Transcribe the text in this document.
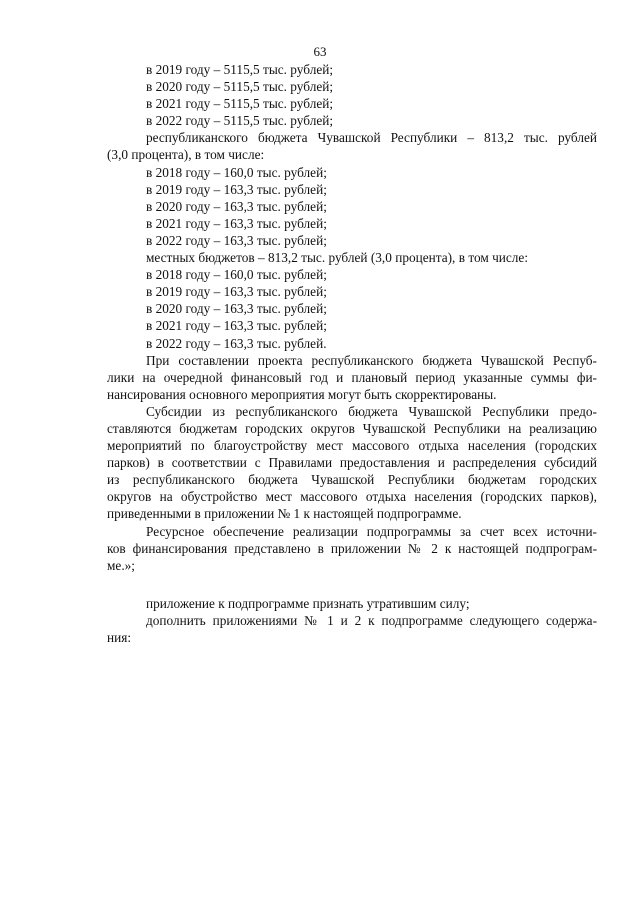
63
в 2019 году – 5115,5 тыс. рублей;
в 2020 году – 5115,5 тыс. рублей;
в 2021 году – 5115,5 тыс. рублей;
в 2022 году – 5115,5 тыс. рублей;
республиканского бюджета Чувашской Республики – 813,2 тыс. рублей
(3,0 процента), в том числе:
в 2018 году – 160,0 тыс. рублей;
в 2019 году – 163,3 тыс. рублей;
в 2020 году – 163,3 тыс. рублей;
в 2021 году – 163,3 тыс. рублей;
в 2022 году – 163,3 тыс. рублей;
местных бюджетов – 813,2 тыс. рублей (3,0 процента), в том числе:
в 2018 году – 160,0 тыс. рублей;
в 2019 году – 163,3 тыс. рублей;
в 2020 году – 163,3 тыс. рублей;
в 2021 году – 163,3 тыс. рублей;
в 2022 году – 163,3 тыс. рублей.
При составлении проекта республиканского бюджета Чувашской Респуб-
лики на очередной финансовый год и плановый период указанные суммы фи-
нансирования основного мероприятия могут быть скорректированы.
Субсидии из республиканского бюджета Чувашской Республики предо-
ставляются бюджетам городских округов Чувашской Республики на реализацию
мероприятий по благоустройству мест массового отдыха населения (городских
парков) в соответствии с Правилами предоставления и распределения субсидий
из республиканского бюджета Чувашской Республики бюджетам городских
округов на обустройство мест массового отдыха населения (городских парков),
приведенными в приложении № 1 к настоящей подпрограмме.
Ресурсное обеспечение реализации подпрограммы за счет всех источни-
ков финансирования представлено в приложении № 2 к настоящей подпрограм-
ме.»;
приложение к подпрограмме признать утратившим силу;
дополнить приложениями № 1 и 2 к подпрограмме следующего содержа-
ния:
